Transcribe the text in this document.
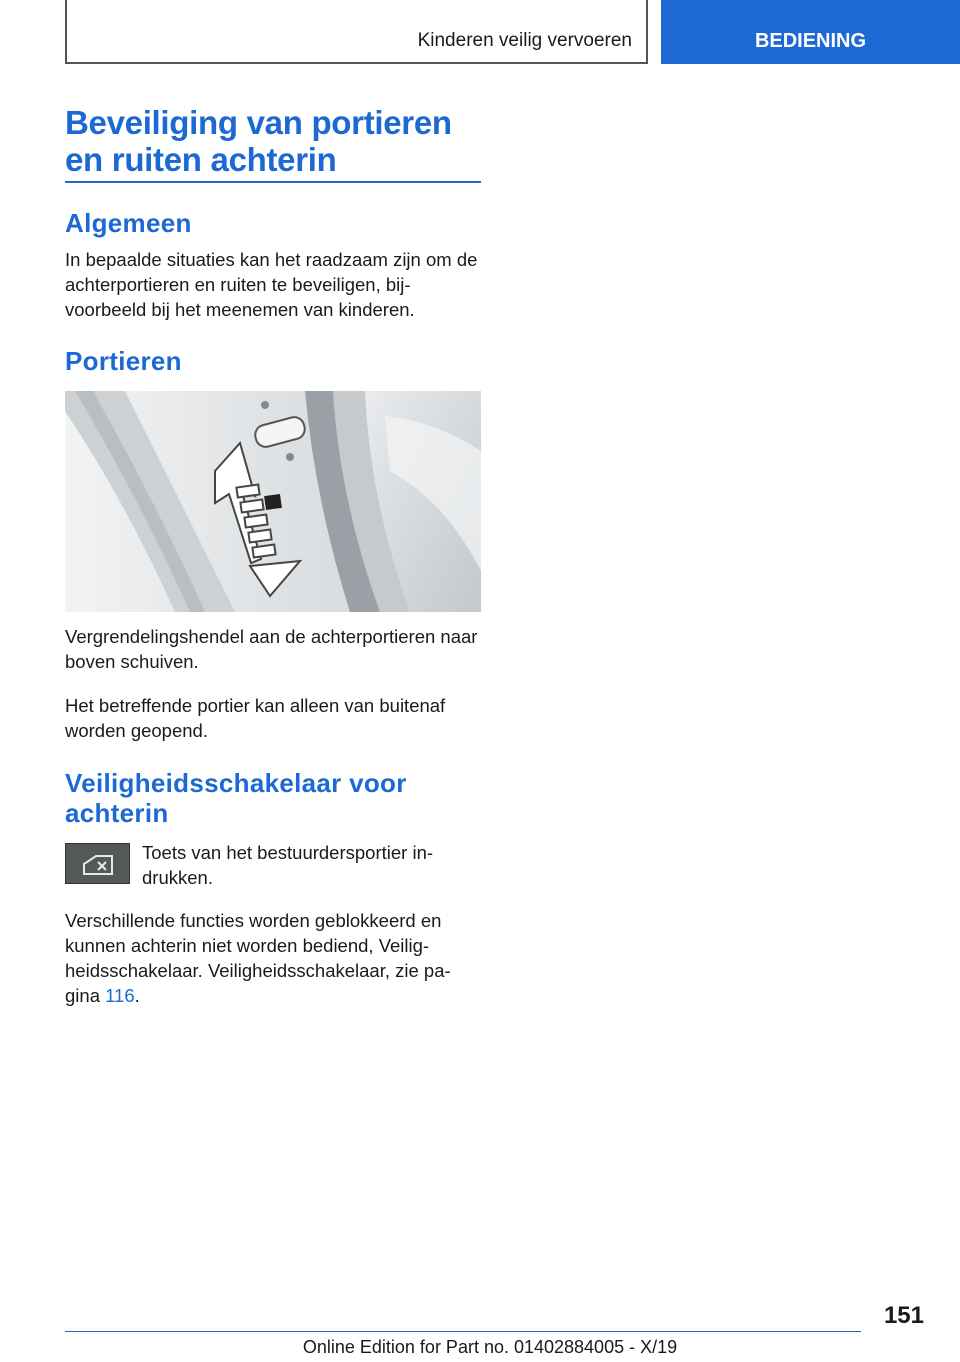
Kinderen veilig vervoeren	BEDIENING
Beveiliging van portieren en ruiten achterin
Algemeen

In bepaalde situaties kan het raadzaam zijn om de achterportieren en ruiten te beveiligen, bij-voorbeeld bij het meenemen van kinderen.

Portieren

Vergrendelingshendel aan de achterportieren naar boven schuiven.

Het betreffende portier kan alleen van buitenaf worden geopend.

Veiligheidsschakelaar voor achterin

Toets van het bestuurdersportier in-drukken.

Verschillende functies worden geblokkeerd en kunnen achterin niet worden bediend, Veilig-heidsschakelaar. Veiligheidsschakelaar, zie pa-gina 116.

151
Online Edition for Part no. 01402884005 - X/19
